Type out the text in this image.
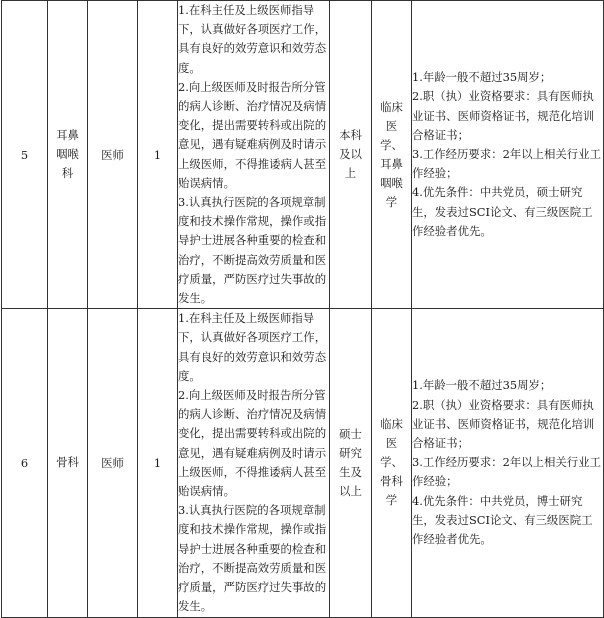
5	耳鼻咽喉科	医师	1	1.在科主任及上级医师指导下，认真做好各项医疗工作，具有良好的效劳意识和效劳态度。
2.向上级医师及时报告所分管的病人诊断、治疗情况及病情变化，提出需要转科或出院的意见，遇有疑难病例及时请示上级医师，不得推诿病人甚至贻误病情。
3.认真执行医院的各项规章制度和技术操作常规，操作或指导护士进展各种重要的检查和治疗，不断提高效劳质量和医疗质量，严防医疗过失事故的发生。	本科及以上	临床医学、耳鼻咽喉学	1.年龄一般不超过35周岁；
2.职（执）业资格要求：具有医师执业证书、医师资格证书，规范化培训合格证书；
3.工作经历要求：2年以上相关行业工作经验；
4.优先条件：中共党员，硕士研究生，发表过SCI论文、有三级医院工作经验者优先。

6	骨科	医师	1	1.在科主任及上级医师指导下，认真做好各项医疗工作，具有良好的效劳意识和效劳态度。
2.向上级医师及时报告所分管的病人诊断、治疗情况及病情变化，提出需要转科或出院的意见，遇有疑难病例及时请示上级医师，不得推诿病人甚至贻误病情。
3.认真执行医院的各项规章制度和技术操作常规，操作或指导护士进展各种重要的检查和治疗，不断提高效劳质量和医疗质量，严防医疗过失事故的发生。	硕士研究生及以上	临床医学、骨科学	1.年龄一般不超过35周岁；
2.职（执）业资格要求：具有医师执业证书、医师资格证书，规范化培训合格证书；
3.工作经历要求：2年以上相关行业工作经验；
4.优先条件：中共党员，博士研究生，发表过SCI论文、有三级医院工作经验者优先。
